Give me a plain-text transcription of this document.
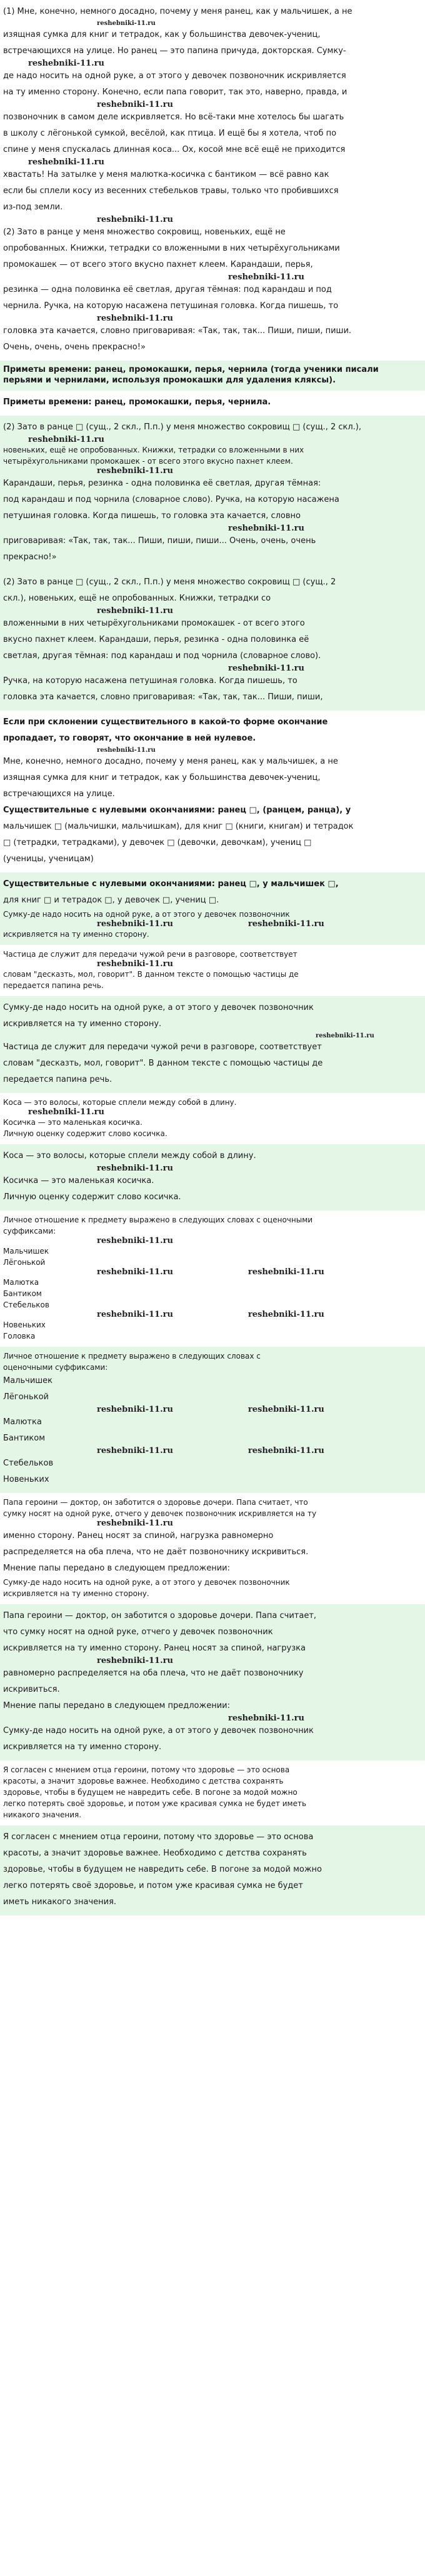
(1) Мне, конечно, немного досадно, почему у меня ранец, как у мальчишек, а не
reshebniki-11.ru
изящная сумка для книг и тетрадок, как у большинства девочек-учениц,
встречающихся на улице. Но ранец — это папина причуда, докторская. Сумку-
reshebniki-11.ru
де надо носить на одной руке, а от этого у девочек позвоночник искривляется
на ту именно сторону. Конечно, если папа говорит, так это, наверно, правда, и
reshebniki-11.ru
позвоночник в самом деле искривляется. Но всё-таки мне хотелось бы шагать
в школу с лёгонькой сумкой, весёлой, как птица. И ещё бы я хотела, чтоб по
спине у меня спускалась длинная коса... Ох, косой мне всё ещё не приходится
reshebniki-11.ru
хвастать! На затылке у меня малютка-косичка с бантиком — всё равно как
если бы сплели косу из весенних стебельков травы, только что пробившихся
из-под земли.
reshebniki-11.ru
(2) Зато в ранце у меня множество сокровищ, новеньких, ещё не
опробованных. Книжки, тетрадки со вложенными в них четырёхугольниками
промокашек — от всего этого вкусно пахнет клеем. Карандаши, перья,
reshebniki-11.ru
резинка — одна половинка её светлая, другая тёмная: под карандаш и под
чернила. Ручка, на которую насажена петушиная головка. Когда пишешь, то
reshebniki-11.ru
головка эта качается, словно приговаривая: «Так, так, так... Пиши, пиши, пиши.
Очень, очень, очень прекрасно!»
Приметы времени: ранец, промокашки, перья, чернила (тогда ученики писали
перьями и чернилами, используя промокашки для удаления кляксы).
Приметы времени: ранец, промокашки, перья, чернила.
(2) Зато в ранце □ (сущ., 2 скл., П.п.) у меня множество сокровищ □ (сущ., 2 скл.),
reshebniki-11.ru
новеньких, ещё не опробованных. Книжки, тетрадки со вложенными в них
четырёхугольниками промокашек - от всего этого вкусно пахнет клеем.
reshebniki-11.ru
Карандаши, перья, резинка - одна половинка её светлая, другая тёмная:
под карандаш и под чорнила (словарное слово). Ручка, на которую насажена
петушиная головка. Когда пишешь, то головка эта качается, словно
reshebniki-11.ru
приговаривая: «Так, так, так... Пиши, пиши, пиши... Очень, очень, очень
прекрасно!»
(2) Зато в ранце □ (сущ., 2 скл., П.п.) у меня множество сокровищ □ (сущ., 2
скл.), новеньких, ещё не опробованных. Книжки, тетрадки со
reshebniki-11.ru
вложенными в них четырёхугольниками промокашек - от всего этого
вкусно пахнет клеем. Карандаши, перья, резинка - одна половинка её
светлая, другая тёмная: под карандаш и под чорнила (словарное слово).
reshebniki-11.ru
Ручка, на которую насажена петушиная головка. Когда пишешь, то
головка эта качается, словно приговаривая: «Так, так, так... Пиши, пиши,
Если при склонении существительного в какой-то форме окончание
пропадает, то говорят, что окончание в ней нулевое.
reshebniki-11.ru
Мне, конечно, немного досадно, почему у меня ранец, как у мальчишек, а не
изящная сумка для книг и тетрадок, как у большинства девочек-учениц,
встречающихся на улице.
Существительные с нулевыми окончаниями: ранец □, (ранцем, ранца), у
мальчишек □ (мальчишки, мальчишкам), для книг □ (книги, книгам) и тетрадок
□ (тетрадки, тетрадками), у девочек □ (девочки, девочкам), учениц □
(ученицы, ученицам)
Существительные с нулевыми окончаниями: ранец □, у мальчишек □,
для книг □ и тетрадок □, у девочек □, учениц □.
Сумку-де надо носить на одной руке, а от этого у девочек позвоночник
reshebniki-11.ru	reshebniki-11.ru
искривляется на ту именно сторону.
Частица де служит для передачи чужой речи в разговоре, соответствует
reshebniki-11.ru
словам "десказть, мол, говорит". В данном тексте о помощью частицы де
передается папина речь.
Сумку-де надо носить на одной руке, а от этого у девочек позвоночник
искривляется на ту именно сторону.
reshebniki-11.ru
Частица де служит для передачи чужой речи в разговоре, соответствует
словам "десказть, мол, говорит". В данном тексте с помощью частицы де
передается папина речь.
Коса — это волосы, которые сплели между собой в длину.
reshebniki-11.ru
Косичка — это маленькая косичка.
Личную оценку содержит слово косичка.
Коса — это волосы, которые сплели между собой в длину.
reshebniki-11.ru
Косичка — это маленькая косичка.
Личную оценку содержит слово косичка.
Личное отношение к предмету выражено в следующих словах с оценочными
суффиксами:
reshebniki-11.ru
Мальчишек
Лёгонькой
reshebniki-11.ru	reshebniki-11.ru
Малютка
Бантиком
Стебельков
reshebniki-11.ru	reshebniki-11.ru
Новеньких
Головка
Личное отношение к предмету выражено в следующих словах с
оценочными суффиксами:
Мальчишек
Лёгонькой
reshebniki-11.ru	reshebniki-11.ru
Малютка
Бантиком
reshebniki-11.ru	reshebniki-11.ru
Стебельков
Новеньких
Папа героини — доктор, он заботится о здоровье дочери. Папа считает, что
сумку носят на одной руке, отчего у девочек позвоночник искривляется на ту
reshebniki-11.ru
именно сторону. Ранец носят за спиной, нагрузка равномерно
распределяется на оба плеча, что не даёт позвоночнику искривиться.
Мнение папы передано в следующем предложении:
Сумку-де надо носить на одной руке, а от этого у девочек позвоночник
искривляется на ту именно сторону.
Папа героини — доктор, он заботится о здоровье дочери. Папа считает,
что сумку носят на одной руке, отчего у девочек позвоночник
искривляется на ту именно сторону. Ранец носят за спиной, нагрузка
reshebniki-11.ru
равномерно распределяется на оба плеча, что не даёт позвоночнику
искривиться.
Мнение папы передано в следующем предложении:
reshebniki-11.ru
Сумку-де надо носить на одной руке, а от этого у девочек позвоночник
искривляется на ту именно сторону.
Я согласен с мнением отца героини, потому что здоровье — это основа
красоты, а значит здоровье важнее. Необходимо с детства сохранять
здоровье, чтобы в будущем не навредить себе. В погоне за модой можно
легко потерять своё здоровье, и потом уже красивая сумка не будет иметь
никакого значения.
Я согласен с мнением отца героини, потому что здоровье — это основа
красоты, а значит здоровье важнее. Необходимо с детства сохранять
здоровье, чтобы в будущем не навредить себе. В погоне за модой можно
легко потерять своё здоровье, и потом уже красивая сумка не будет
иметь никакого значения.
